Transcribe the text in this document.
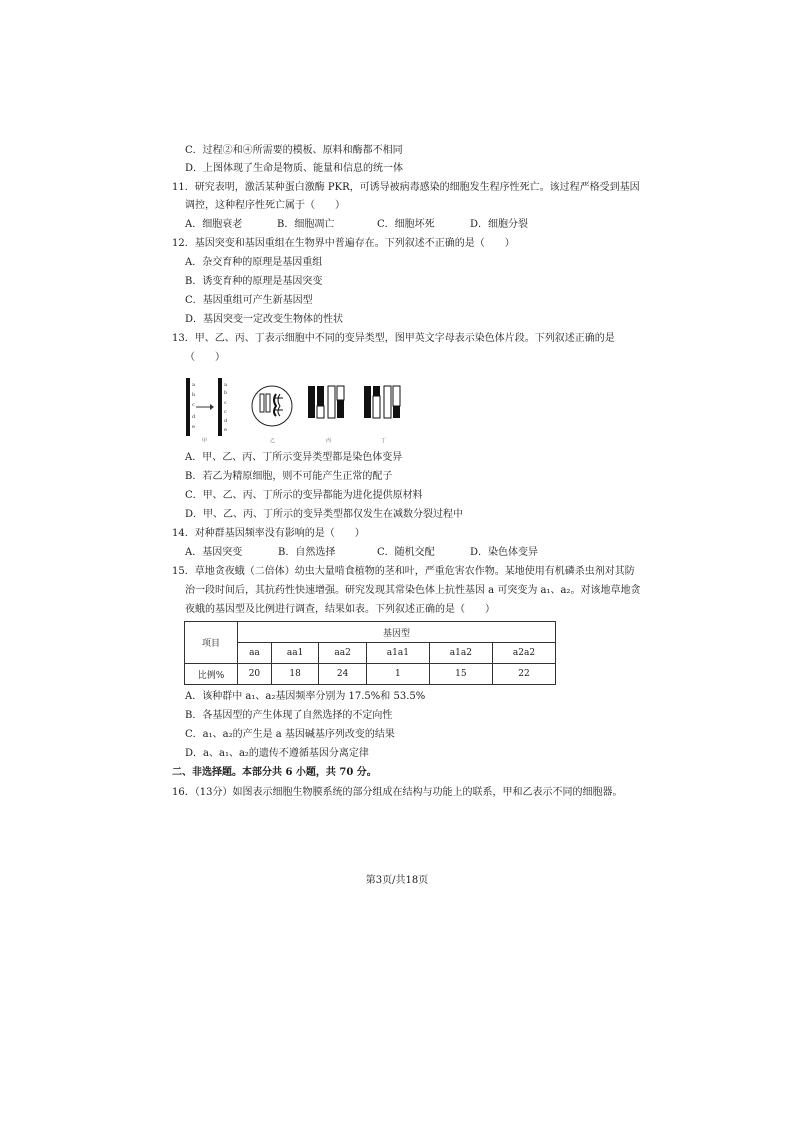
C．过程②和④所需要的模板、原料和酶都不相同
D．上图体现了生命是物质、能量和信息的统一体
11．研究表明，激活某种蛋白激酶 PKR，可诱导被病毒感染的细胞发生程序性死亡。该过程严格受到基因
调控，这种程序性死亡属于（　　）
A．细胞衰老	B．细胞凋亡	C．细胞坏死	D．细胞分裂
12．基因突变和基因重组在生物界中普遍存在。下列叙述不正确的是（　　）
A．杂交育种的原理是基因重组
B．诱变育种的原理是基因突变
C．基因重组可产生新基因型
D．基因突变一定改变生物体的性状
13．甲、乙、丙、丁表示细胞中不同的变异类型，图甲英文字母表示染色体片段。下列叙述正确的是
（　　）
a
b
c
d
e
a
b
c
c
d
e
甲	乙	丙	丁
A．甲、乙、丙、丁所示变异类型都是染色体变异
B．若乙为精原细胞，则不可能产生正常的配子
C．甲、乙、丙、丁所示的变异都能为进化提供原材料
D．甲、乙、丙、丁所示的变异类型都仅发生在减数分裂过程中
14．对种群基因频率没有影响的是（　　）
A．基因突变	B．自然选择	C．随机交配	D．染色体变异
15．草地贪夜蛾（二倍体）幼虫大量啃食植物的茎和叶，严重危害农作物。某地使用有机磷杀虫剂对其防
治一段时间后，其抗药性快速增强。研究发现其常染色体上抗性基因 a 可突变为 a₁、a₂。对该地草地贪
夜蛾的基因型及比例进行调查，结果如表。下列叙述正确的是（　　）
项目	基因型					
	aa	aa1	aa2	a1a1	a1a2	a2a2
比例%	20	18	24	1	15	22
A．该种群中 a₁、a₂基因频率分别为 17.5%和 53.5%
B．各基因型的产生体现了自然选择的不定向性
C．a₁、a₂的产生是 a 基因碱基序列改变的结果
D．a、a₁、a₂的遗传不遵循基因分离定律
二、非选择题。本部分共 6 小题，共 70 分。
16．（13分）如图表示细胞生物膜系统的部分组成在结构与功能上的联系，甲和乙表示不同的细胞器。
第3页/共18页
